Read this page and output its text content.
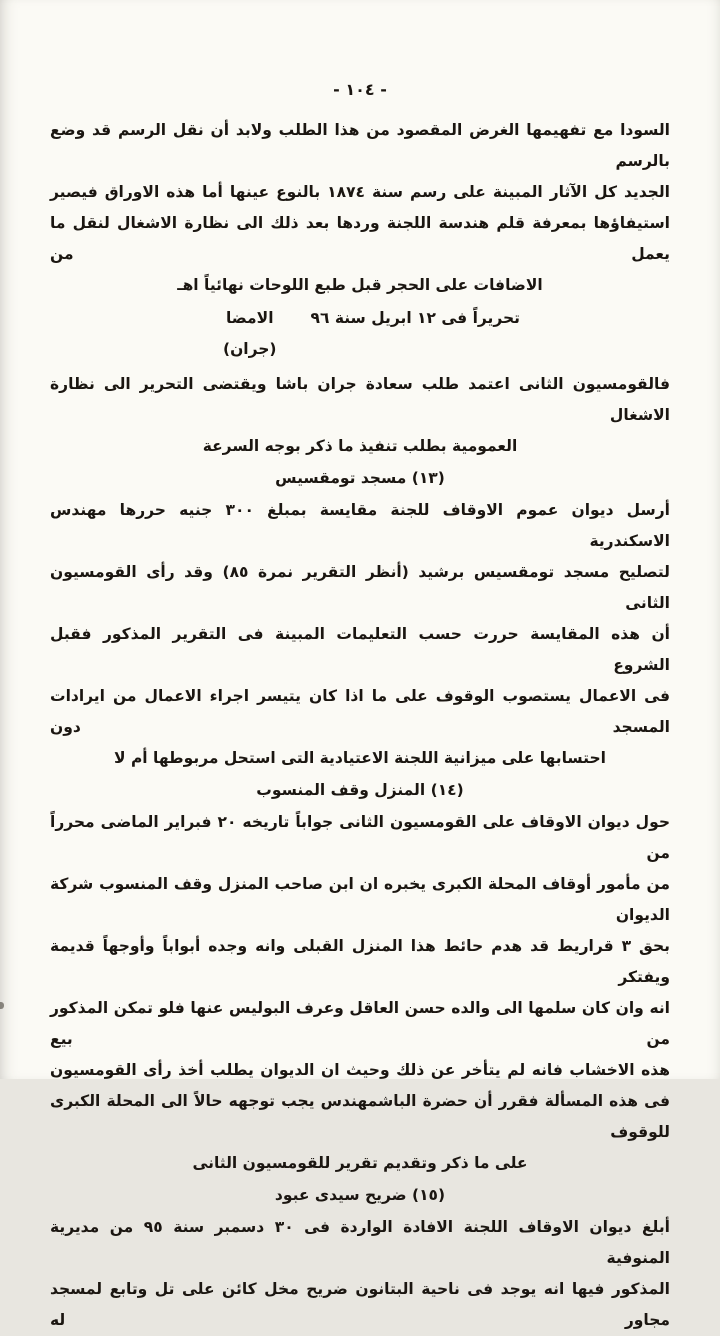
- ١٠٤ -
السودا مع تفهيمها الغرض المقصود من هذا الطلب ولابد أن نقل الرسم قد وضع بالرسم
الجديد كل الآثار المبينة على رسم سنة ١٨٧٤ بالنوع عينها أما هذه الاوراق فيصير
استيفاؤها بمعرفة قلم هندسة اللجنة وردها بعد ذلك الى نظارة الاشغال لنقل ما يعمل من
الاضافات على الحجر قبل طبع اللوحات نهائياً اهـ
تحريراً فى ١٢ ابريل سنة ٩٦
الامضا
(جران)
فالقومسيون الثانى اعتمد طلب سعادة جران باشا ويقتضى التحرير الى نظارة الاشغال
العمومية بطلب تنفيذ ما ذكر بوجه السرعة
(١٣) مسجد تومقسيس
أرسل ديوان عموم الاوقاف للجنة مقايسة بمبلغ ٣٠٠ جنيه حررها مهندس الاسكندرية
لتصليح مسجد تومقسيس برشيد (أنظر التقرير نمرة ٨٥) وقد رأى القومسيون الثانى
أن هذه المقايسة حررت حسب التعليمات المبينة فى التقرير المذكور فقبل الشروع
فى الاعمال يستصوب الوقوف على ما اذا كان يتيسر اجراء الاعمال من ايرادات المسجد دون
احتسابها على ميزانية اللجنة الاعتيادية التى استحل مربوطها أم لا
(١٤) المنزل وقف المنسوب
حول ديوان الاوقاف على القومسيون الثانى جواباً تاريخه ٢٠ فبراير الماضى محرراً من
من مأمور أوقاف المحلة الكبرى يخبره ان ابن صاحب المنزل وقف المنسوب شركة الديوان
بحق ٣ قراريط قد هدم حائط هذا المنزل القبلى وانه وجده أبواباً وأوجهاً قديمة ويفتكر
انه وان كان سلمها الى والده حسن العاقل وعرف البوليس عنها فلو تمكن المذكور من بيع
هذه الاخشاب فانه لم يتأخر عن ذلك وحيث ان الديوان يطلب أخذ رأى القومسيون
فى هذه المسألة فقرر أن حضرة الباشمهندس يجب توجهه حالاً الى المحلة الكبرى للوقوف
على ما ذكر وتقديم تقرير للقومسيون الثانى
(١٥) ضريح سيدى عبود
أبلغ ديوان الاوقاف اللجنة الافادة الواردة فى ٣٠ دسمبر سنة ٩٥ من مديرية المنوفية
المذكور فيها انه يوجد فى ناحية البتانون ضريح مخل كائن على تل وتابع لمسجد مجاور له
